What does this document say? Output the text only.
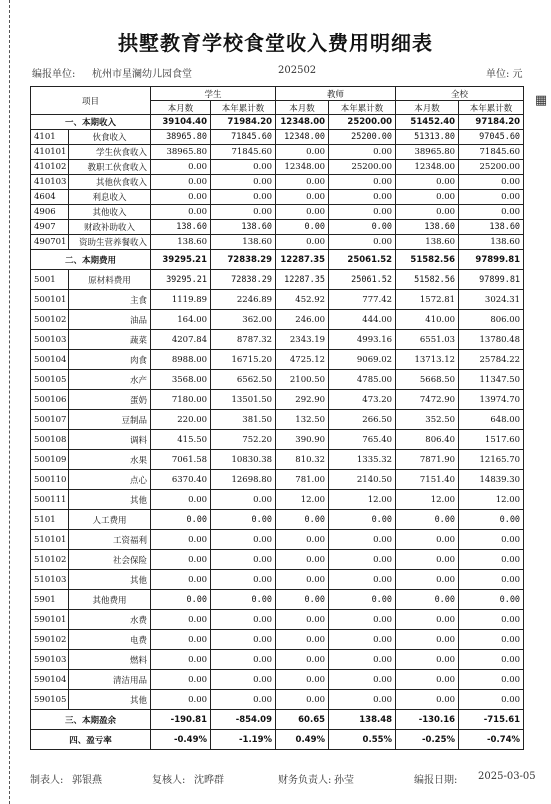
拱墅教育学校食堂收入费用明细表
编报单位: 杭州市星澜幼儿园食堂	202502	单位: 元
▦
项目		学生		教师		全校	
		本月数	本年累计数	本月数	本年累计数	本月数	本年累计数
一、本期收入		39104.40	71984.20	12348.00	25200.00	51452.40	97184.20
4101	伙食收入	38965.80	71845.60	12348.00	25200.00	51313.80	97045.60
410101	学生伙食收入	38965.80	71845.60	0.00	0.00	38965.80	71845.60
410102	教职工伙食收入	0.00	0.00	12348.00	25200.00	12348.00	25200.00
410103	其他伙食收入	0.00	0.00	0.00	0.00	0.00	0.00
4604	利息收入	0.00	0.00	0.00	0.00	0.00	0.00
4906	其他收入	0.00	0.00	0.00	0.00	0.00	0.00
4907	财政补助收入	138.60	138.60	0.00	0.00	138.60	138.60
490701	资助生营养餐收入	138.60	138.60	0.00	0.00	138.60	138.60
二、本期费用		39295.21	72838.29	12287.35	25061.52	51582.56	97899.81
5001	原材料费用	39295.21	72838.29	12287.35	25061.52	51582.56	97899.81
500101	主食	1119.89	2246.89	452.92	777.42	1572.81	3024.31
500102	油品	164.00	362.00	246.00	444.00	410.00	806.00
500103	蔬菜	4207.84	8787.32	2343.19	4993.16	6551.03	13780.48
500104	肉食	8988.00	16715.20	4725.12	9069.02	13713.12	25784.22
500105	水产	3568.00	6562.50	2100.50	4785.00	5668.50	11347.50
500106	蛋奶	7180.00	13501.50	292.90	473.20	7472.90	13974.70
500107	豆制品	220.00	381.50	132.50	266.50	352.50	648.00
500108	调料	415.50	752.20	390.90	765.40	806.40	1517.60
500109	水果	7061.58	10830.38	810.32	1335.32	7871.90	12165.70
500110	点心	6370.40	12698.80	781.00	2140.50	7151.40	14839.30
500111	其他	0.00	0.00	12.00	12.00	12.00	12.00
5101	人工费用	0.00	0.00	0.00	0.00	0.00	0.00
510101	工资福利	0.00	0.00	0.00	0.00	0.00	0.00
510102	社会保险	0.00	0.00	0.00	0.00	0.00	0.00
510103	其他	0.00	0.00	0.00	0.00	0.00	0.00
5901	其他费用	0.00	0.00	0.00	0.00	0.00	0.00
590101	水费	0.00	0.00	0.00	0.00	0.00	0.00
590102	电费	0.00	0.00	0.00	0.00	0.00	0.00
590103	燃料	0.00	0.00	0.00	0.00	0.00	0.00
590104	清洁用品	0.00	0.00	0.00	0.00	0.00	0.00
590105	其他	0.00	0.00	0.00	0.00	0.00	0.00
三、本期盈余		-190.81	-854.09	60.65	138.48	-130.16	-715.61
四、盈亏率		-0.49%	-1.19%	0.49%	0.55%	-0.25%	-0.74%
制表人: 郭银燕	复核人: 沈晔群	财务负责人: 孙莹	编报日期: 2025-03-05
